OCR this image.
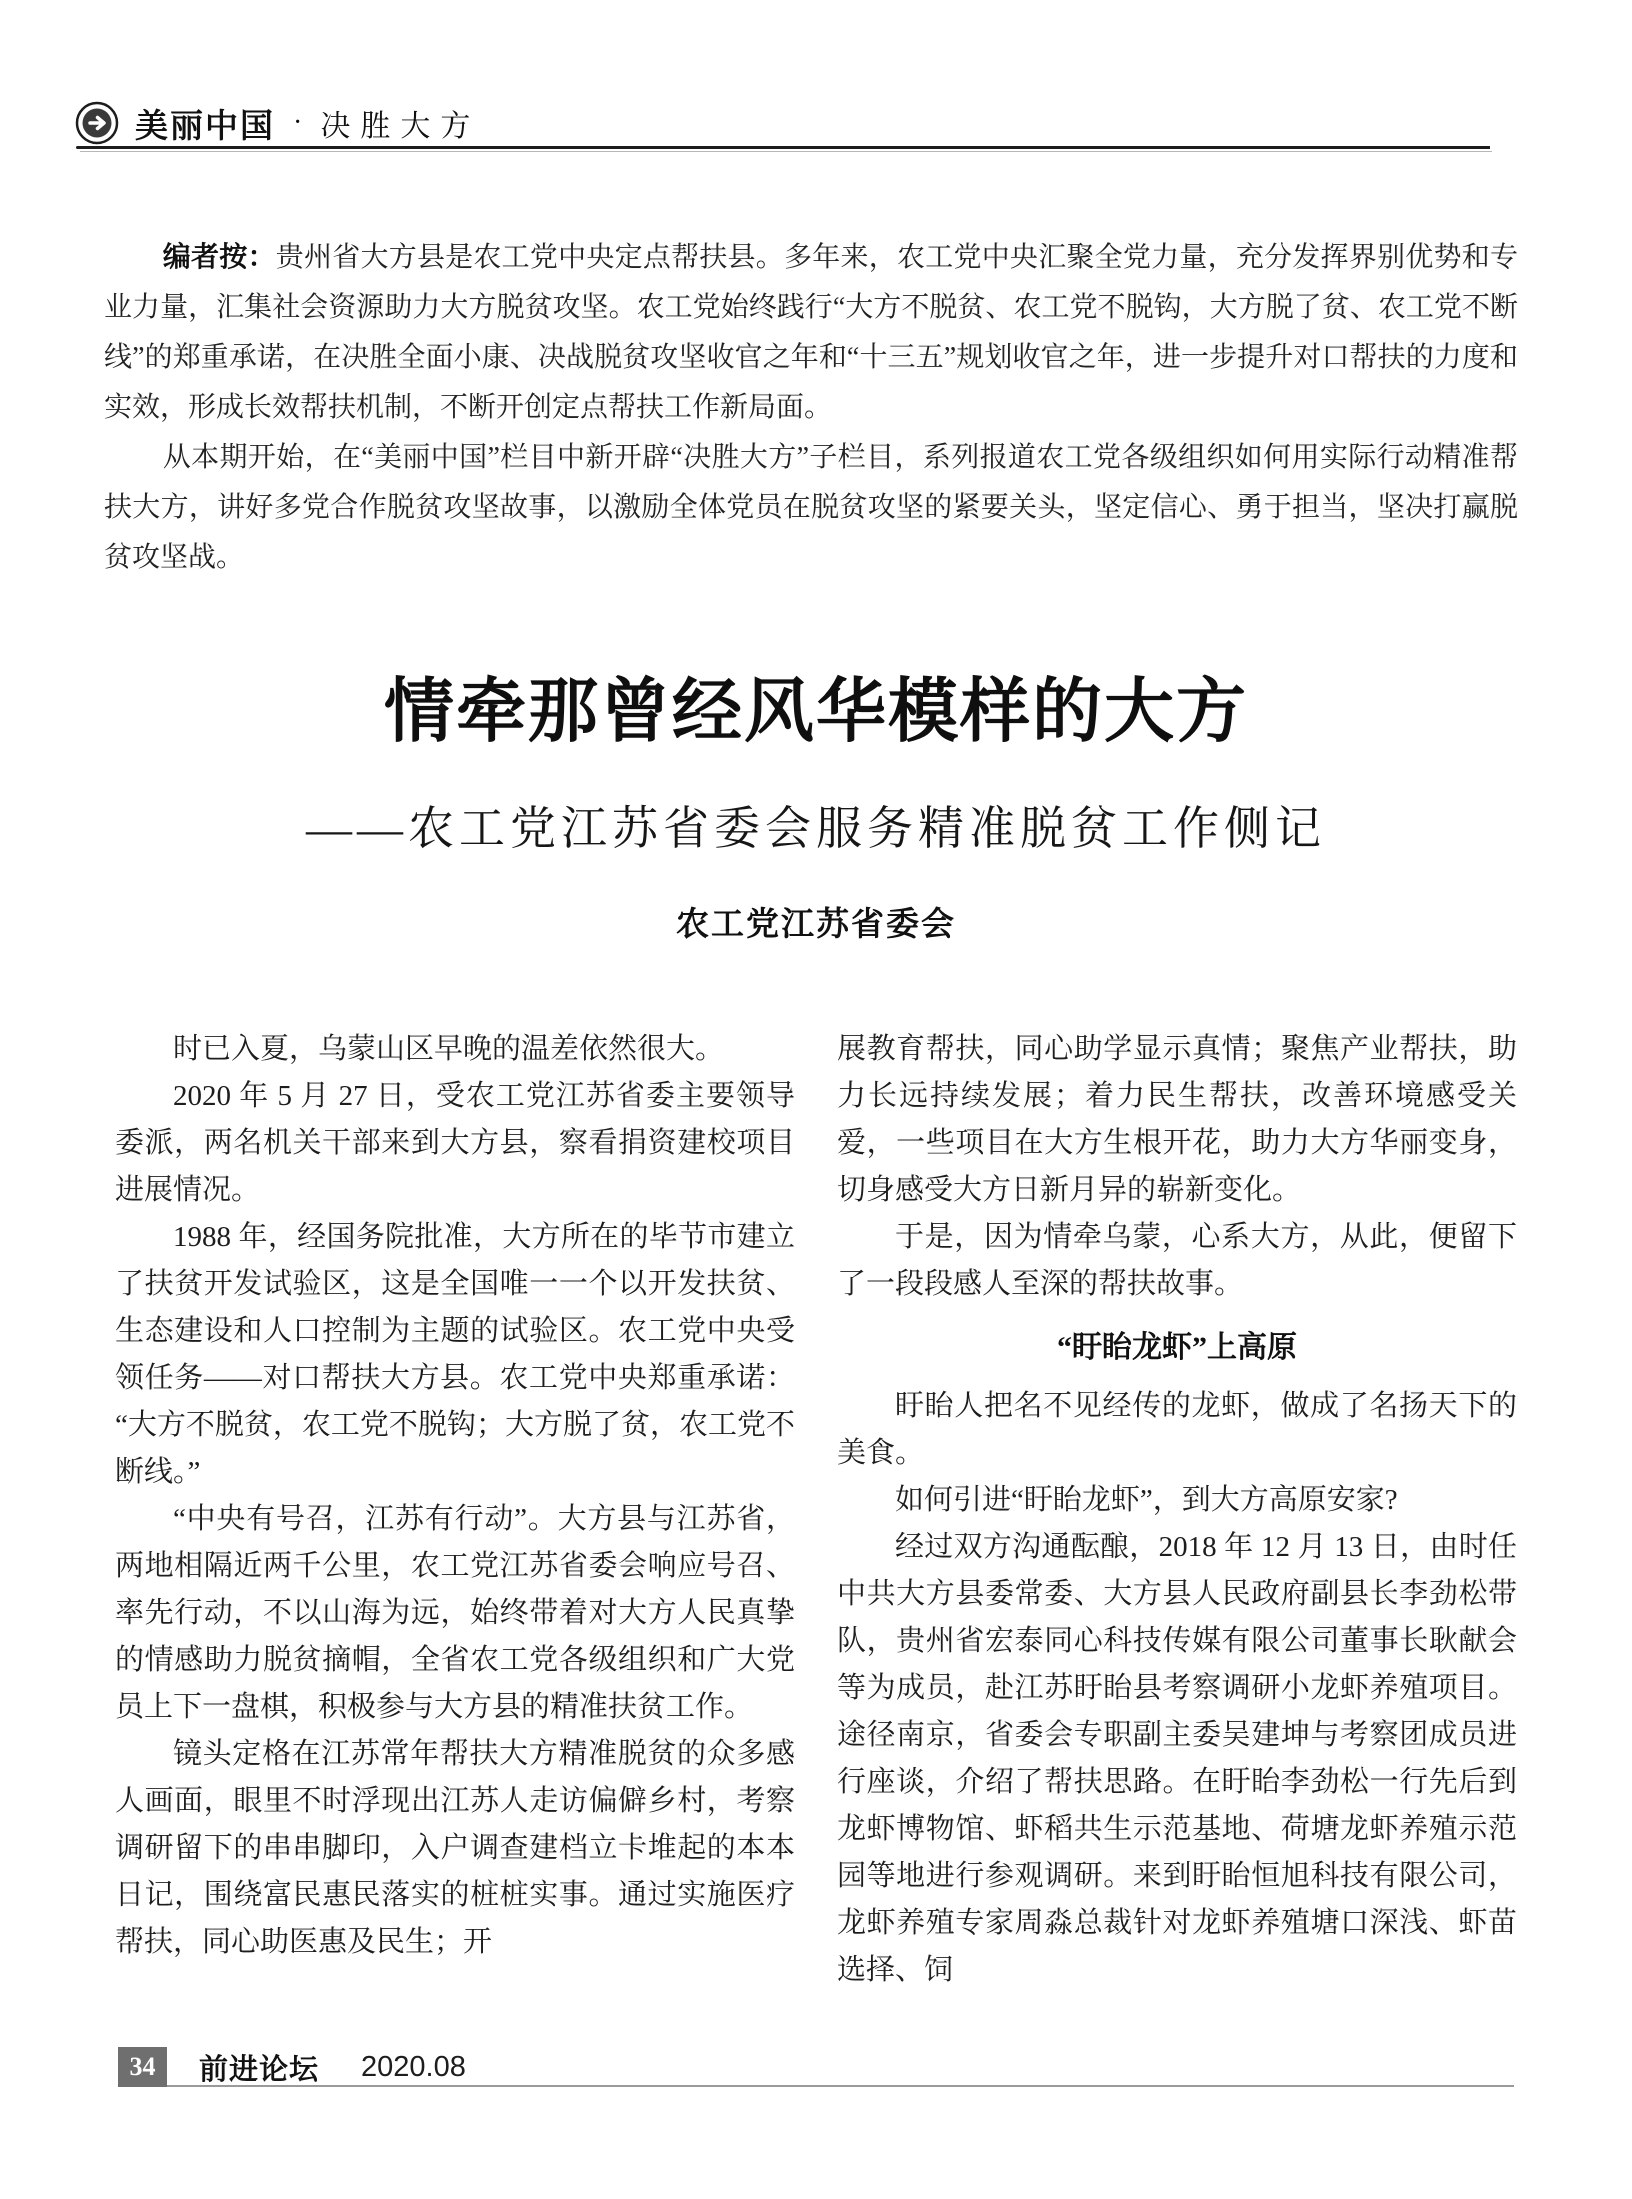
美丽中国 · 决胜大方

编者按：贵州省大方县是农工党中央定点帮扶县。多年来，农工党中央汇聚全党力量，充分发挥界别优势和专业力量，汇集社会资源助力大方脱贫攻坚。农工党始终践行“大方不脱贫、农工党不脱钩，大方脱了贫、农工党不断线”的郑重承诺，在决胜全面小康、决战脱贫攻坚收官之年和“十三五”规划收官之年，进一步提升对口帮扶的力度和实效，形成长效帮扶机制，不断开创定点帮扶工作新局面。

从本期开始，在“美丽中国”栏目中新开辟“决胜大方”子栏目，系列报道农工党各级组织如何用实际行动精准帮扶大方，讲好多党合作脱贫攻坚故事，以激励全体党员在脱贫攻坚的紧要关头，坚定信心、勇于担当，坚决打赢脱贫攻坚战。

情牵那曾经风华模样的大方
——农工党江苏省委会服务精准脱贫工作侧记
农工党江苏省委会

时已入夏，乌蒙山区早晚的温差依然很大。

2020 年 5 月 27 日，受农工党江苏省委主要领导委派，两名机关干部来到大方县，察看捐资建校项目进展情况。

1988 年，经国务院批准，大方所在的毕节市建立了扶贫开发试验区，这是全国唯一一个以开发扶贫、生态建设和人口控制为主题的试验区。农工党中央受领任务——对口帮扶大方县。农工党中央郑重承诺：“大方不脱贫，农工党不脱钩；大方脱了贫，农工党不断线。”

“中央有号召，江苏有行动”。大方县与江苏省，两地相隔近两千公里，农工党江苏省委会响应号召、率先行动，不以山海为远，始终带着对大方人民真挚的情感助力脱贫摘帽，全省农工党各级组织和广大党员上下一盘棋，积极参与大方县的精准扶贫工作。

镜头定格在江苏常年帮扶大方精准脱贫的众多感人画面，眼里不时浮现出江苏人走访偏僻乡村，考察调研留下的串串脚印，入户调查建档立卡堆起的本本日记，围绕富民惠民落实的桩桩实事。通过实施医疗帮扶，同心助医惠及民生；开

展教育帮扶，同心助学显示真情；聚焦产业帮扶，助力长远持续发展；着力民生帮扶，改善环境感受关爱，一些项目在大方生根开花，助力大方华丽变身，切身感受大方日新月异的崭新变化。

于是，因为情牵乌蒙，心系大方，从此，便留下了一段段感人至深的帮扶故事。

“盱眙龙虾”上高原

盱眙人把名不见经传的龙虾，做成了名扬天下的美食。

如何引进“盱眙龙虾”，到大方高原安家?

经过双方沟通酝酿，2018 年 12 月 13 日，由时任中共大方县委常委、大方县人民政府副县长李劲松带队，贵州省宏泰同心科技传媒有限公司董事长耿献会等为成员，赴江苏盱眙县考察调研小龙虾养殖项目。途径南京，省委会专职副主委吴建坤与考察团成员进行座谈，介绍了帮扶思路。在盱眙李劲松一行先后到龙虾博物馆、虾稻共生示范基地、荷塘龙虾养殖示范园等地进行参观调研。来到盱眙恒旭科技有限公司，龙虾养殖专家周淼总裁针对龙虾养殖塘口深浅、虾苗选择、饲

34	前进论坛 2020.08
